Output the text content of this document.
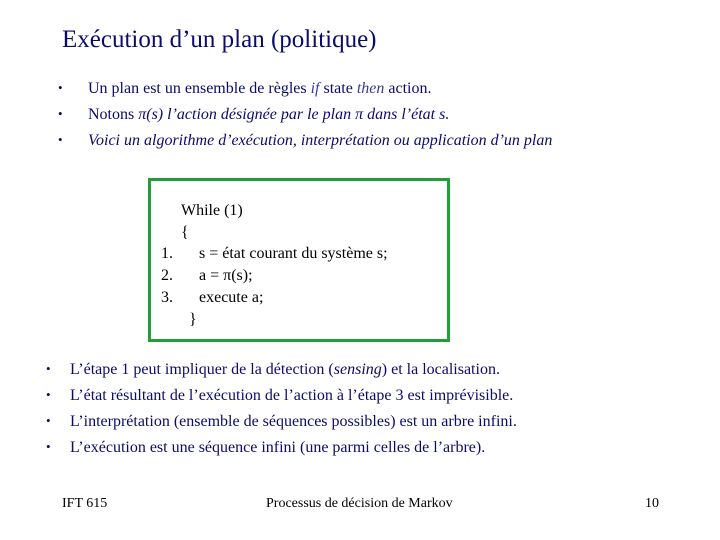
Exécution d’un plan (politique)
• Un plan est un ensemble de règles if state then action.
• Notons π(s) l’action désignée par le plan π dans l’état s.
• Voici un algorithme d’exécution, interprétation ou application d’un plan
While (1)
{
1. s = état courant du système s;
2. a = π(s);
3. execute a;
}
• L’étape 1 peut impliquer de la détection (sensing) et la localisation.
• L’état résultant de l’exécution de l’action à l’étape 3 est imprévisible.
• L’interprétation (ensemble de séquences possibles) est un arbre infini.
• L’exécution est une séquence infini (une parmi celles de l’arbre).
IFT 615	Processus de décision de Markov	10
